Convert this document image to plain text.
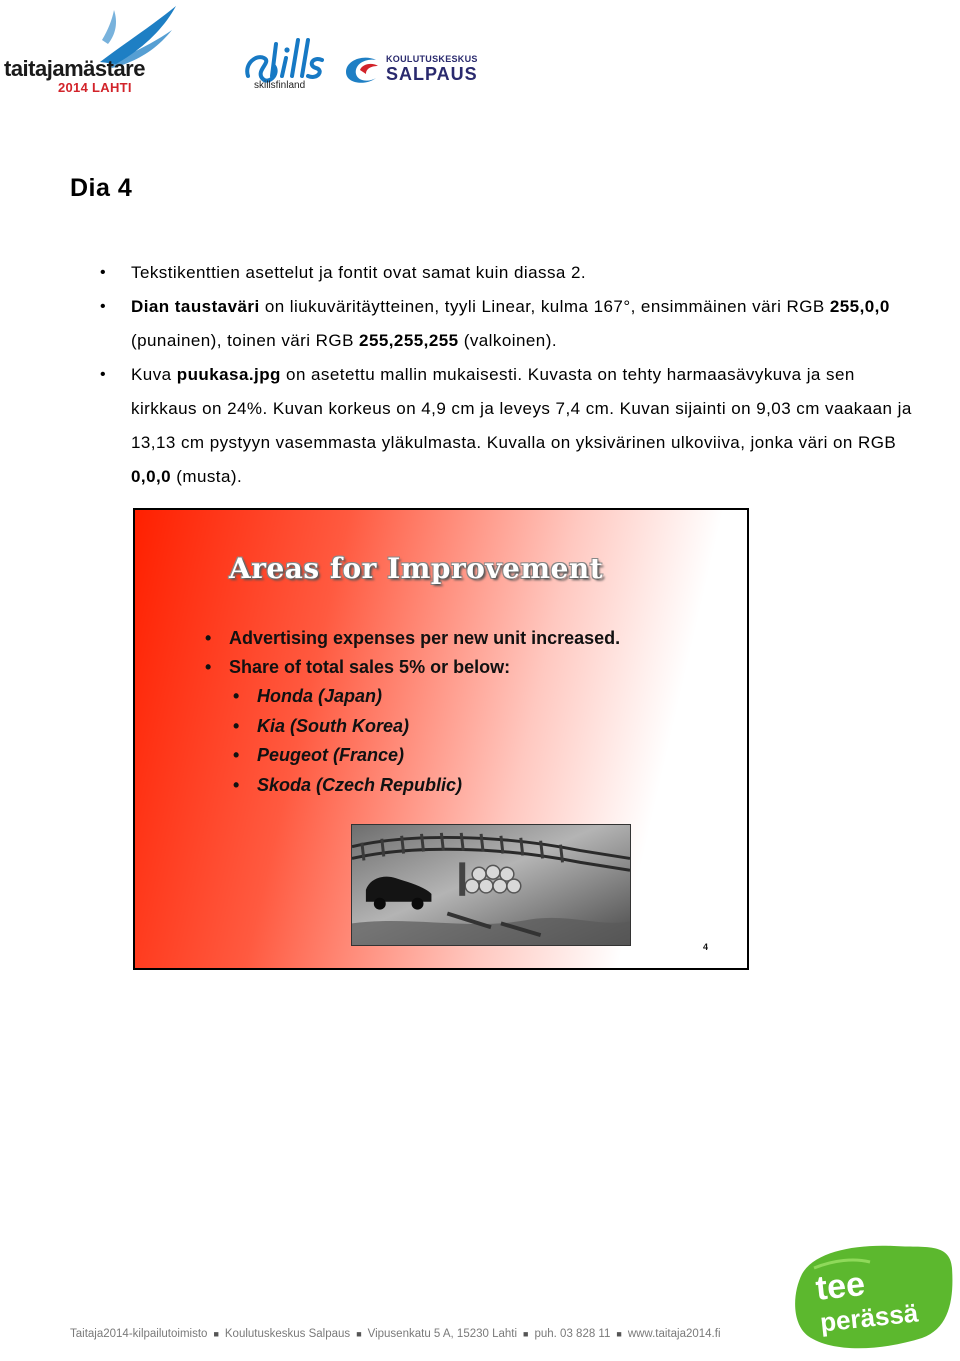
taitajamästare
2014 LAHTI	skillsfinland
KOULUTUSKESKUS
SALPAUS
Dia 4
• Tekstikenttien asettelut ja fontit ovat samat kuin diassa 2.
• Dian taustaväri on liukuväritäytteinen, tyyli Linear, kulma 167°, ensimmäinen väri RGB 255,0,0 (punainen), toinen väri RGB 255,255,255 (valkoinen).
• Kuva puukasa.jpg on asetettu mallin mukaisesti. Kuvasta on tehty harmaasävykuva ja sen kirkkaus on 24%. Kuvan korkeus on 4,9 cm ja leveys 7,4 cm. Kuvan sijainti on 9,03 cm vaakaan ja 13,13 cm pystyyn vasemmasta yläkulmasta. Kuvalla on yksivärinen ulkoviiva, jonka väri on RGB 0,0,0 (musta).
Areas for Improvement
• Advertising expenses per new unit increased.
• Share of total sales 5% or below:
• Honda (Japan)
• Kia (South Korea)
• Peugeot (France)
• Skoda (Czech Republic)
4
Taitaja2014-kilpailutoimisto ■ Koulutuskeskus Salpaus ■ Vipusenkatu 5 A, 15230 Lahti ■ puh. 03 828 11 ■ www.taitaja2014.fi
tee
perässä
